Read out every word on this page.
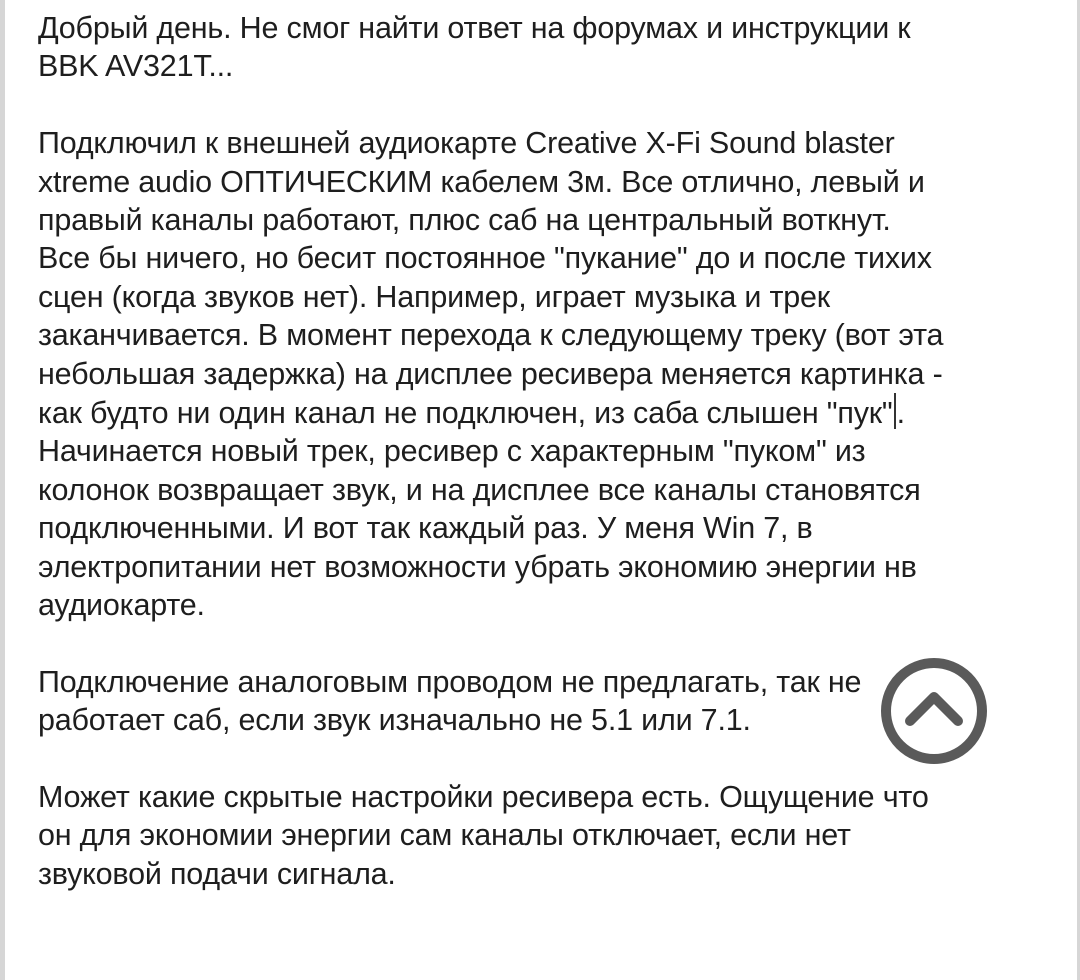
Добрый день. Не смог найти ответ на форумах и инструкции к
BBK AV321T...

Подключил к внешней аудиокарте Creative X-Fi Sound blaster
xtreme audio ОПТИЧЕСКИМ кабелем 3м. Все отлично, левый и
правый каналы работают, плюс саб на центральный воткнут.
Все бы ничего, но бесит постоянное "пукание" до и после тихих
сцен (когда звуков нет). Например, играет музыка и трек
заканчивается. В момент перехода к следующему треку (вот эта
небольшая задержка) на дисплее ресивера меняется картинка -
как будто ни один канал не подключен, из саба слышен "пук" .
Начинается новый трек, ресивер с характерным "пуком" из
колонок возвращает звук, и на дисплее все каналы становятся
подключенными. И вот так каждый раз. У меня Win 7, в
электропитании нет возможности убрать экономию энергии нв
аудиокарте.

Подключение аналоговым проводом не предлагать, так не
работает саб, если звук изначально не 5.1 или 7.1.

Может какие скрытые настройки ресивера есть. Ощущение что
он для экономии энергии сам каналы отключает, если нет
звуковой подачи сигнала.
